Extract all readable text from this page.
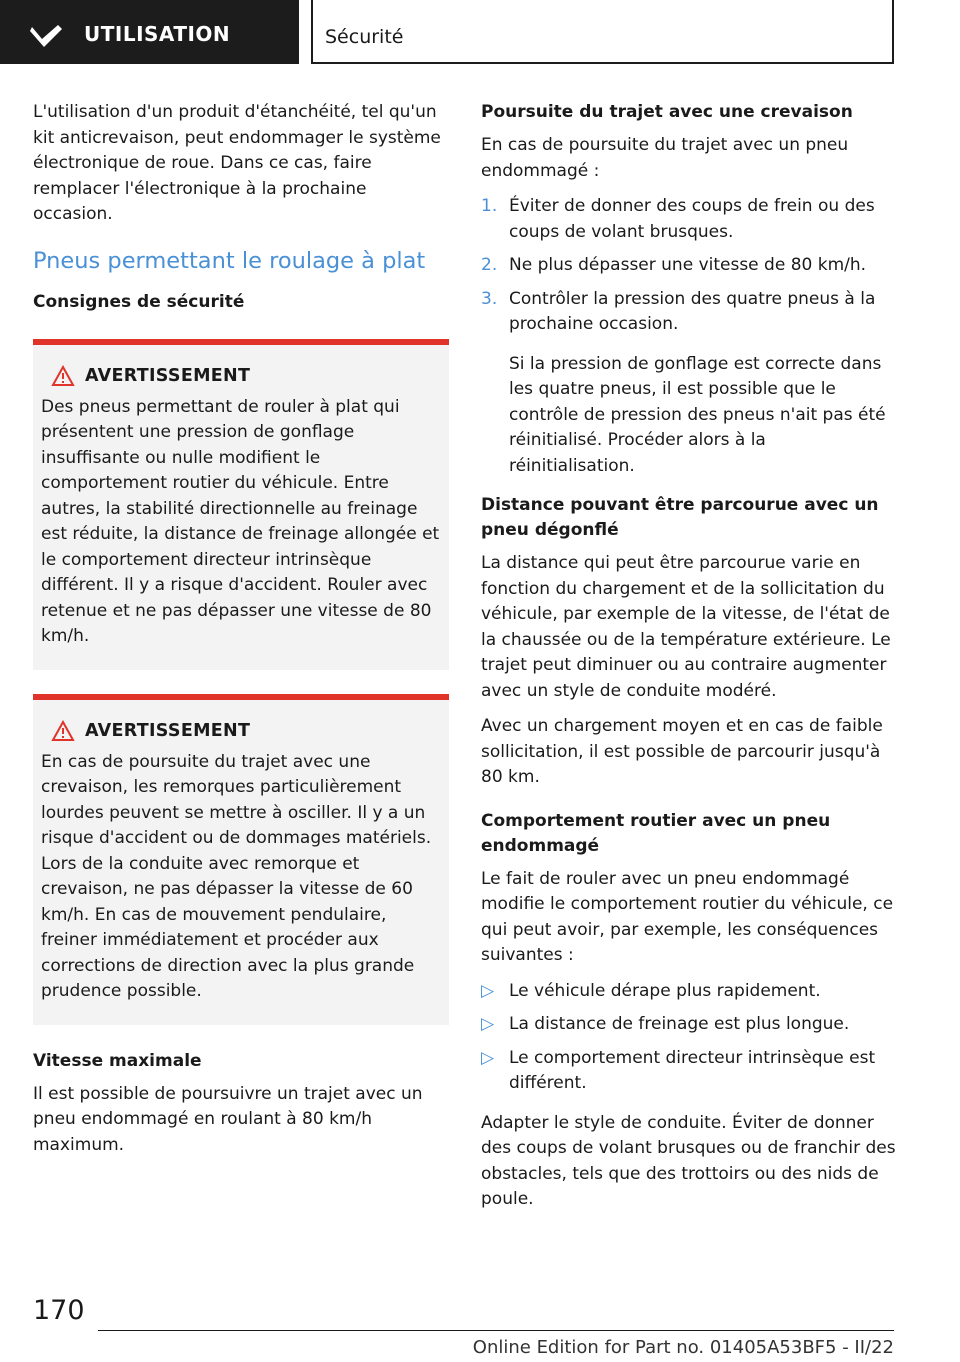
UTILISATION	Sécurité

L'utilisation d'un produit d'étanchéité, tel qu'un kit anticrevaison, peut endommager le système électronique de roue. Dans ce cas, faire remplacer l'électronique à la prochaine occasion.

Pneus permettant le roulage à plat
Consignes de sécurité
AVERTISSEMENT

Des pneus permettant de rouler à plat qui présentent une pression de gonflage insuffisante ou nulle modifient le comportement routier du véhicule. Entre autres, la stabilité directionnelle au freinage est réduite, la distance de freinage allongée et le comportement directeur intrinsèque différent. Il y a risque d'accident. Rouler avec retenue et ne pas dépasser une vitesse de 80 km/h.

AVERTISSEMENT

En cas de poursuite du trajet avec une crevaison, les remorques particulièrement lourdes peuvent se mettre à osciller. Il y a un risque d'accident ou de dommages matériels. Lors de la conduite avec remorque et crevaison, ne pas dépasser la vitesse de 60 km/h. En cas de mouvement pendulaire, freiner immédiatement et procéder aux corrections de direction avec la plus grande prudence possible.

Vitesse maximale

Il est possible de poursuivre un trajet avec un pneu endommagé en roulant à 80 km/h maximum.

Poursuite du trajet avec une crevaison

En cas de poursuite du trajet avec un pneu endommagé :

1. Éviter de donner des coups de frein ou des coups de volant brusques.
2. Ne plus dépasser une vitesse de 80 km/h.
3. Contrôler la pression des quatre pneus à la prochaine occasion.

Si la pression de gonflage est correcte dans les quatre pneus, il est possible que le contrôle de pression des pneus n'ait pas été réinitialisé. Procéder alors à la réinitialisation.

Distance pouvant être parcourue avec un pneu dégonflé

La distance qui peut être parcourue varie en fonction du chargement et de la sollicitation du véhicule, par exemple de la vitesse, de l'état de la chaussée ou de la température extérieure. Le trajet peut diminuer ou au contraire augmenter avec un style de conduite modéré.

Avec un chargement moyen et en cas de faible sollicitation, il est possible de parcourir jusqu'à 80 km.

Comportement routier avec un pneu endommagé

Le fait de rouler avec un pneu endommagé modifie le comportement routier du véhicule, ce qui peut avoir, par exemple, les conséquences suivantes :

▷ Le véhicule dérape plus rapidement.
▷ La distance de freinage est plus longue.
▷ Le comportement directeur intrinsèque est différent.

Adapter le style de conduite. Éviter de donner des coups de volant brusques ou de franchir des obstacles, tels que des trottoirs ou des nids de poule.

170
Online Edition for Part no. 01405A53BF5 - II/22
